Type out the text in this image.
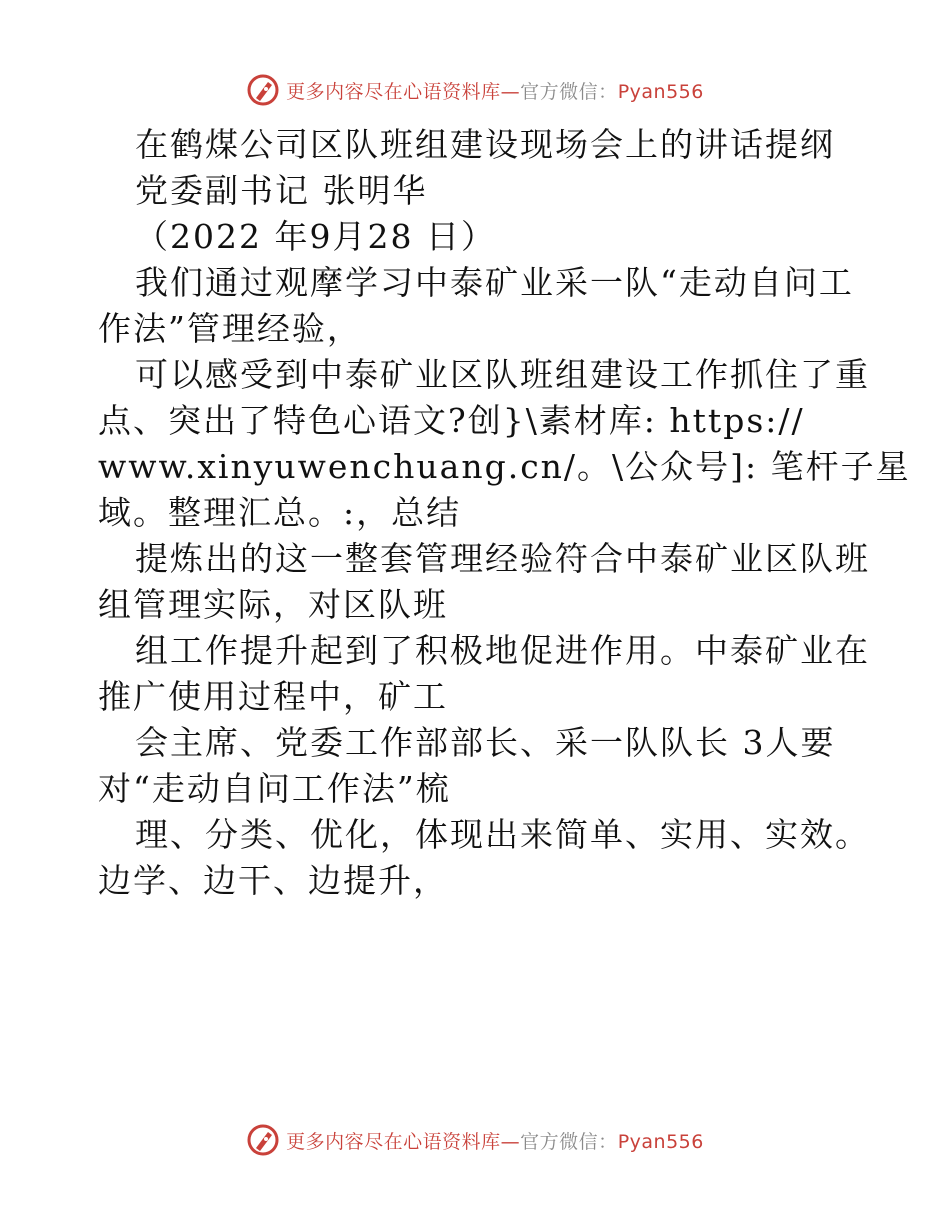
更多内容尽在心语资料库—官方微信：Pyan556
在鹤煤公司区队班组建设现场会上的讲话提纲
党委副书记 张明华
（2022 年9月28 日）
我们通过观摩学习中泰矿业采一队“走动自问工
作法”管理经验，
可以感受到中泰矿业区队班组建设工作抓住了重
点、突出了特色心语文?创}\素材库: https://
www.xinyuwenchuang.cn/。\公众号]: 笔杆子星
域。整理汇总。:，总结
提炼出的这一整套管理经验符合中泰矿业区队班
组管理实际，对区队班
组工作提升起到了积极地促进作用。中泰矿业在
推广使用过程中，矿工
会主席、党委工作部部长、采一队队长 3人要
对“走动自问工作法”梳
理、分类、优化，体现出来简单、实用、实效。
边学、边干、边提升，
更多内容尽在心语资料库—官方微信：Pyan556
